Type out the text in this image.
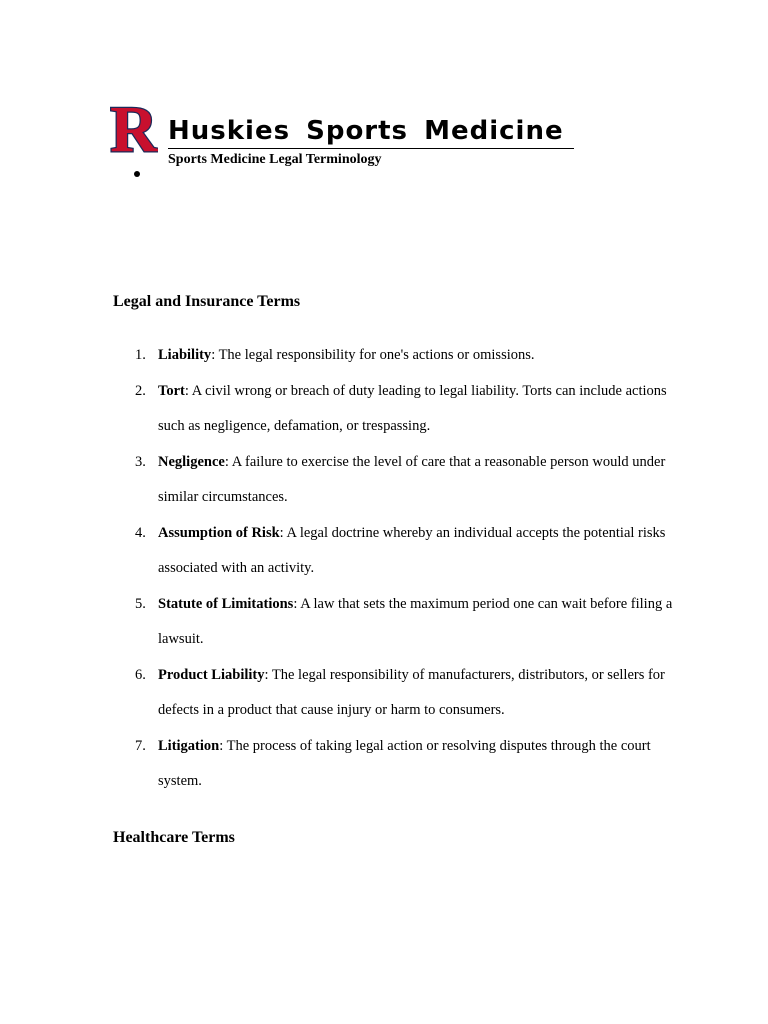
R Huskies Sports Medicine
Sports Medicine Legal Terminology
Legal and Insurance Terms
1. Liability: The legal responsibility for one's actions or omissions.
2. Tort: A civil wrong or breach of duty leading to legal liability. Torts can include actions such as negligence, defamation, or trespassing.
3. Negligence: A failure to exercise the level of care that a reasonable person would under similar circumstances.
4. Assumption of Risk: A legal doctrine whereby an individual accepts the potential risks associated with an activity.
5. Statute of Limitations: A law that sets the maximum period one can wait before filing a lawsuit.
6. Product Liability: The legal responsibility of manufacturers, distributors, or sellers for defects in a product that cause injury or harm to consumers.
7. Litigation: The process of taking legal action or resolving disputes through the court system.
Healthcare Terms
